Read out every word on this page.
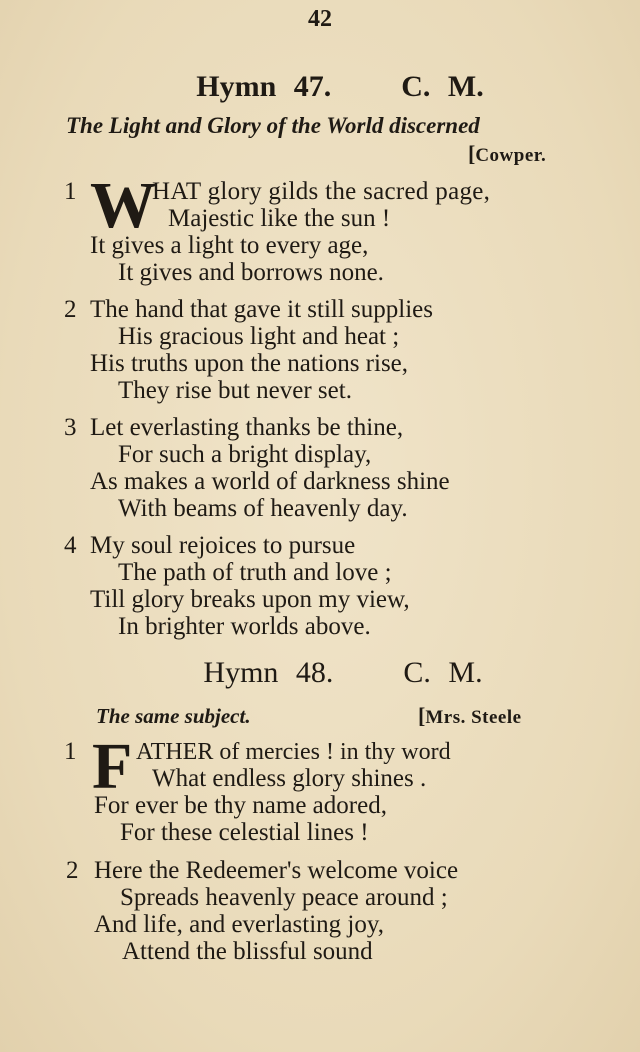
42
Hymn 47.    C. M.
The Light and Glory of the World discerned
[Cowper.
1 W
HAT glory gilds the sacred page,
Majestic like the sun !
It gives a light to every age,
It gives and borrows none.
2 The hand that gave it still supplies
His gracious light and heat ;
His truths upon the nations rise,
They rise but never set.
3 Let everlasting thanks be thine,
For such a bright display,
As makes a world of darkness shine
With beams of heavenly day.
4 My soul rejoices to pursue
The path of truth and love ;
Till glory breaks upon my view,
In brighter worlds above.
Hymn 48.    C. M.
The same subject.	[Mrs. Steele
1 F ATHER of mercies ! in thy word
What endless glory shines .
For ever be thy name adored,
For these celestial lines !
2 Here the Redeemer's welcome voice
Spreads heavenly peace around ;
And life, and everlasting joy,
Attend the blissful sound
